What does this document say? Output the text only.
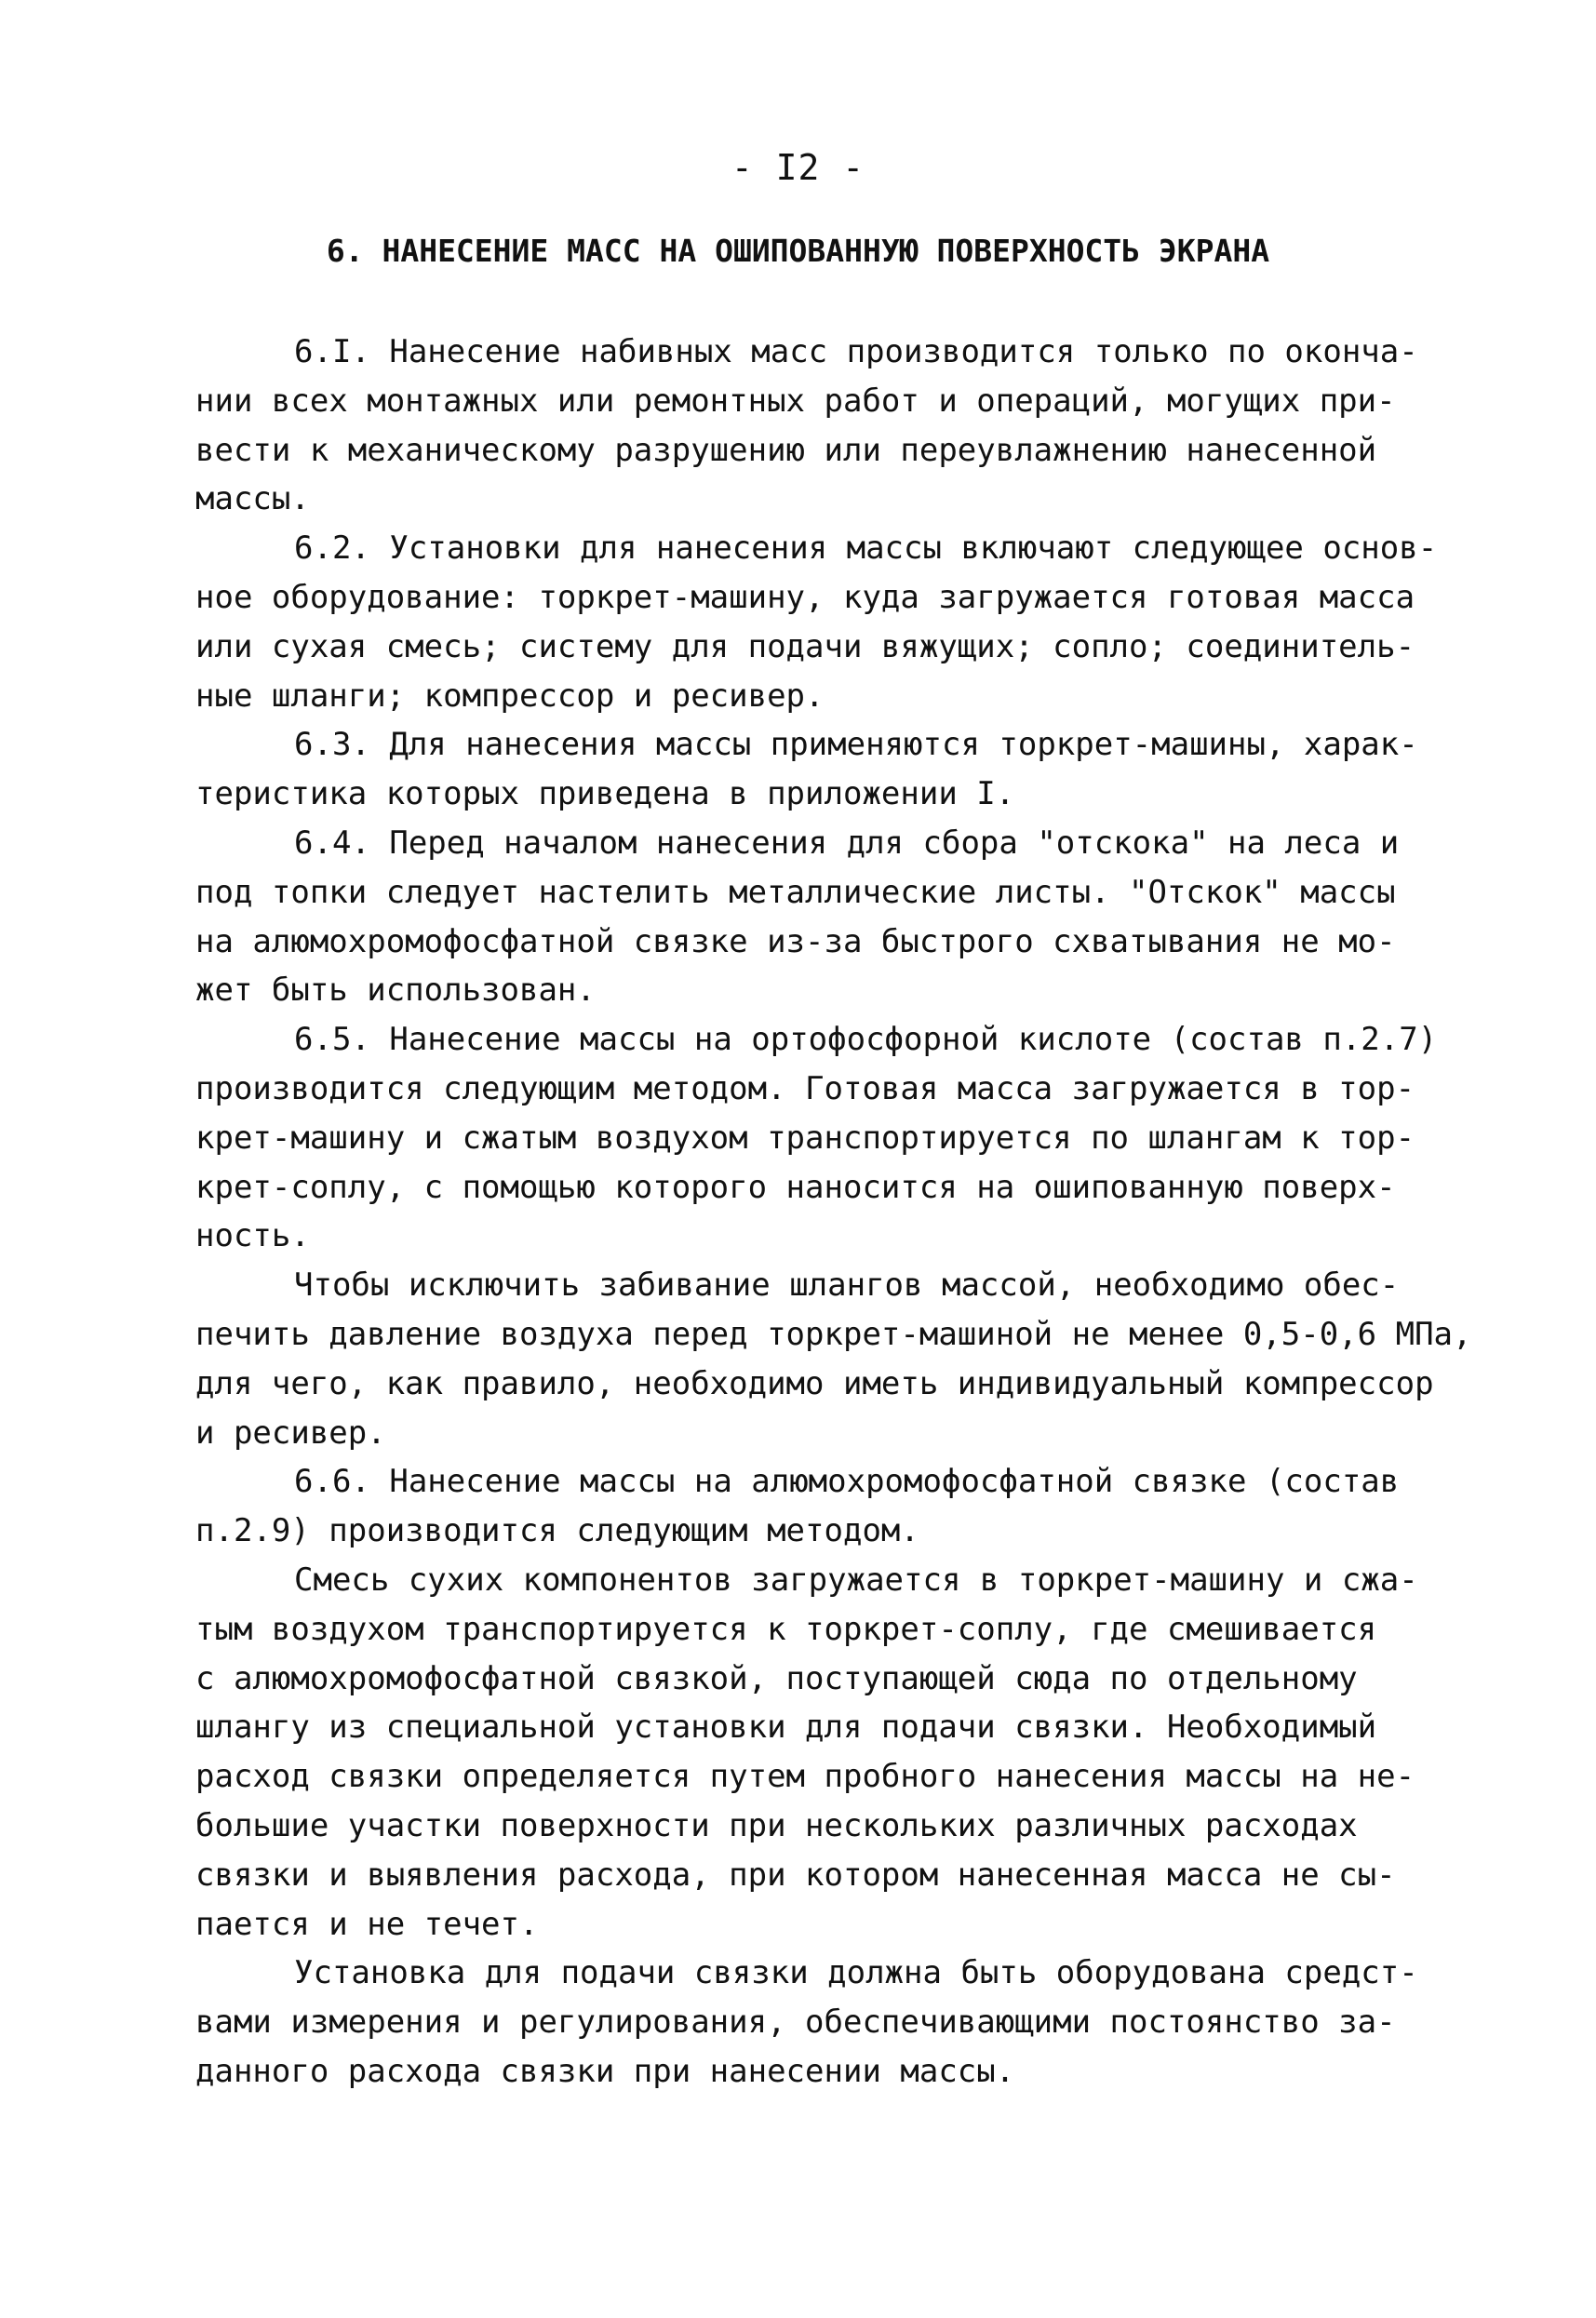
- I2 -
6. НАНЕСЕНИЕ МАСС НА ОШИПОВАННУЮ ПОВЕРХНОСТЬ ЭКРАНА
6.I. Нанесение набивных масс производится только по оконча-
нии всех монтажных или ремонтных работ и операций, могущих при-
вести к механическому разрушению или переувлажнению нанесенной
массы.
6.2. Установки для нанесения массы включают следующее основ-
ное оборудование: торкрет-машину, куда загружается готовая масса
или сухая смесь; систему для подачи вяжущих; сопло; соединитель-
ные шланги; компрессор и ресивер.
6.3. Для нанесения массы применяются торкрет-машины, харак-
теристика которых приведена в приложении I.
6.4. Перед началом нанесения для сбора "отскока" на леса и
под топки следует настелить металлические листы. "Отскок" массы
на алюмохромофосфатной связке из-за быстрого схватывания не мо-
жет быть использован.
6.5. Нанесение массы на ортофосфорной кислоте (состав п.2.7)
производится следующим методом. Готовая масса загружается в тор-
крет-машину и сжатым воздухом транспортируется по шлангам к тор-
крет-соплу, с помощью которого наносится на ошипованную поверх-
ность.
Чтобы исключить забивание шлангов массой, необходимо обес-
печить давление воздуха перед торкрет-машиной не менее 0,5-0,6 МПа,
для чего, как правило, необходимо иметь индивидуальный компрессор
и ресивер.
6.6. Нанесение массы на алюмохромофосфатной связке (состав
п.2.9) производится следующим методом.
Смесь сухих компонентов загружается в торкрет-машину и сжа-
тым воздухом транспортируется к торкрет-соплу, где смешивается
с алюмохромофосфатной связкой, поступающей сюда по отдельному
шлангу из специальной установки для подачи связки. Необходимый
расход связки определяется путем пробного нанесения массы на не-
большие участки поверхности при нескольких различных расходах
связки и выявления расхода, при котором нанесенная масса не сы-
пается и не течет.
Установка для подачи связки должна быть оборудована средст-
вами измерения и регулирования, обеспечивающими постоянство за-
данного расхода связки при нанесении массы.
